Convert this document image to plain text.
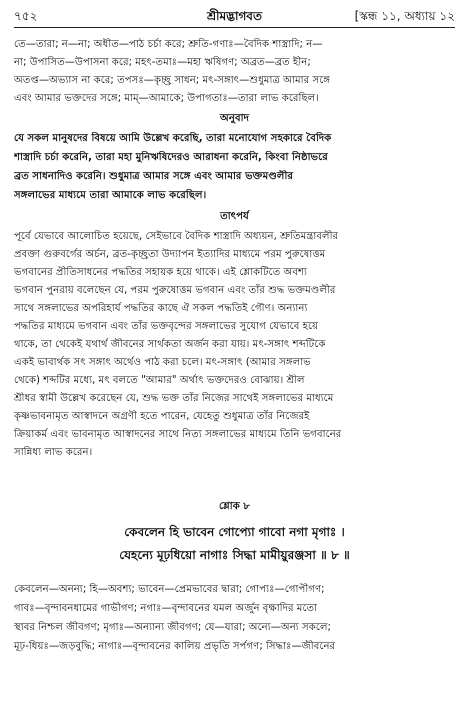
৭৫২	শ্রীমদ্ভাগবত	[স্কন্ধ ১১, অধ্যায় ১২
তে—তারা; ন—না; অধীত—পাঠ চর্চা করে; শ্রুতি-গণাঃ—বৈদিক শাস্ত্রাদি; ন—
না; উপাসিত—উপাসনা করে; মহৎ-তমাঃ—মহা ঋষিগণ; অব্রত—ব্রত হীন;
অতপ্ত—অভ্যাস না করে; তপসঃ—কৃচ্ছ্র সাধন; মৎ-সঙ্গাৎ—শুধুমাত্র আমার সঙ্গে
এবং আমার ভক্তদের সঙ্গে; মাম্—আমাকে; উপাগতাঃ—তারা লাভ করেছিল।
অনুবাদ
যে সকল মানুষদের বিষয়ে আমি উল্লেখ করেছি, তারা মনোযোগ সহকারে বৈদিক
শাস্ত্রাদি চর্চা করেনি, তারা মহা মুনিঋষিদেরও আরাধনা করেনি, কিংবা নিষ্ঠাভরে
ব্রত সাধনাদিও করেনি। শুধুমাত্র আমার সঙ্গে এবং আমার ভক্তমণ্ডলীর
সঙ্গলাভের মাধ্যমে তারা আমাকে লাভ করেছিল।
তাৎপর্য
পূর্বে যেভাবে আলোচিত হয়েছে, সেইভাবে বৈদিক শাস্ত্রাদি অধ্যয়ন, শ্রুতিমন্ত্রাবলীর
প্রবক্তা গুরুবর্গের অর্চন, ব্রত-কৃচ্ছ্রতা উদ্যাপন ইত্যাদির মাধ্যমে পরম পুরুষোত্তম
ভগবানের প্রীতিসাধনের পদ্ধতির সহায়ক হয়ে থাকে। এই শ্লোকটিতে অবশ্য
ভগবান পুনরায় বলেছেন যে, পরম পুরুষোত্তম ভগবান এবং তাঁর শুদ্ধ ভক্তমণ্ডলীর
সাথে সঙ্গলাভের অপরিহার্য পদ্ধতির কাছে ঐ সকল পদ্ধতিই গৌণ। অন্যান্য
পদ্ধতির মাধ্যমে ভগবান এবং তাঁর ভক্তবৃন্দের সঙ্গলাভের সুযোগ যেভাবে হয়ে
থাকে, তা থেকেই যথার্থ জীবনের সার্থকতা অর্জন করা যায়। মৎ-সঙ্গাৎ শব্দটিকে
একই ভাবার্থক সৎ সঙ্গাৎ অর্থেও পাঠ করা চলে। মৎ-সঙ্গাৎ (আমার সঙ্গলাভ
থেকে) শব্দটির মধ্যে, মৎ বলতে "আমার" অর্থাৎ ভক্তদেরও বোঝায়। শ্রীল
শ্রীধর স্বামী উল্লেখ করেছেন যে, শুদ্ধ ভক্ত তাঁর নিজের সাথেই সঙ্গলাভের মাধ্যমে
কৃষ্ণভাবনামৃত আস্বাদনে অগ্রণী হতে পারেন, যেহেতু শুধুমাত্র তাঁর নিজেরই
ক্রিয়াকর্ম এবং ভাবনামৃত আস্বাদনের সাথে নিত্য সঙ্গলাভের মাধ্যমে তিনি ভগবানের
সান্নিধ্য লাভ করেন।
শ্লোক ৮
কেবলেন হি ভাবেন গোপ্যো গাবো নগা মৃগাঃ ।
যেহন্যে মূঢ়ধিয়ো নাগাঃ সিদ্ধা মামীয়ুরঞ্জসা ॥ ৮ ॥
কেবলেন—অনন্য; হি—অবশ্য; ভাবেন—প্রেমভাবের দ্বারা; গোপ্যঃ—গোপীগণ;
গাবঃ—বৃন্দাবনধামের গাভীগণ; নগাঃ—বৃন্দাবনের যমল অর্জুন বৃক্ষাদির মতো
স্থাবর নিশ্চল জীবগণ; মৃগাঃ—অন্যান্য জীবগণ; যে—যারা; অন্যে—অন্য সকলে;
মূঢ়-ধিয়ঃ—জড়বুদ্ধি; নাগাঃ—বৃন্দাবনের কালিয় প্রভৃতি সর্পগণ; সিদ্ধাঃ—জীবনের
